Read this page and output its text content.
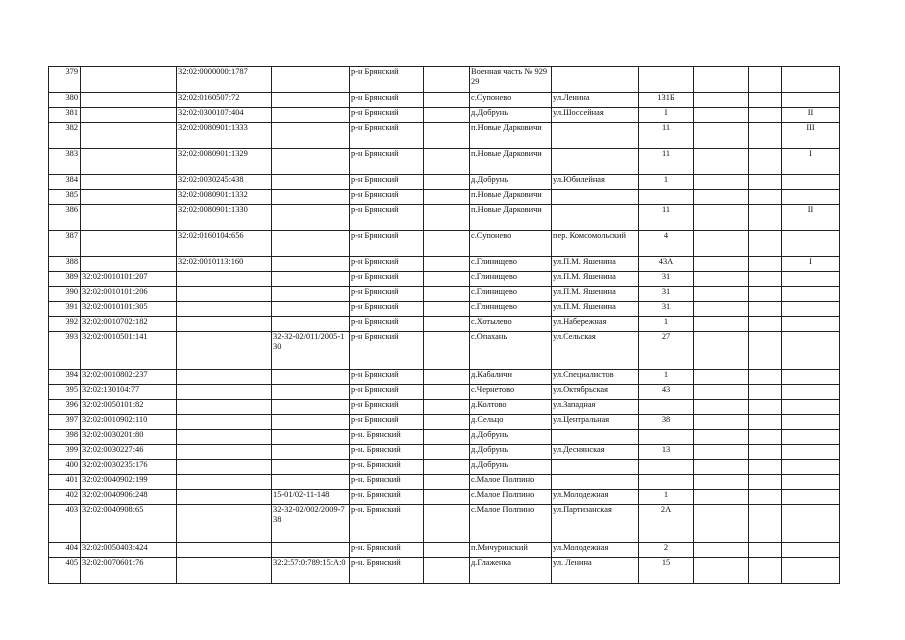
379		32:02:0000000:1787		р-н Брянский		Военная часть № 92929					
380		32:02:0160507:72		р-н Брянский		с.Супонево	ул.Ленина	131Б			
381		32:02:0300107:404		р-н Брянский		д.Добрунь	ул.Шоссейная	I			II
382		32:02:0080901:1333		р-н Брянский		п.Новые Дарковичи		11			III
383		32:02:0080901:1329		р-н Брянский		п.Новые Дарковичи		11			I
384		32:02:0030245:438		р-н Брянский		д.Добрунь	ул.Юбилейная	1			
385		32:02:0080901:1332		р-н Брянский		п.Новые Дарковичи					
386		32:02:0080901:1330		р-н Брянский		п.Новые Дарковичи		11			II
387		32:02:0160104:656		р-н Брянский		с.Супонево	пер. Комсомольский	4			
388		32:02:0010113:160		р-н Брянский		с.Глинищево	ул.П.М. Яшенина	43А			I
389	32:02:0010101:207			р-н Брянский		с.Глинищево	ул.П.М. Яшенина	31			
390	32:02:0010101:206			р-н Брянский		с.Глинищево	ул.П.М. Яшенина	31			
391	32:02:0010101:305			р-н Брянский		с.Глинищево	ул.П.М. Яшенина	31			
392	32:02:0010702:182			р-н Брянский		с.Хотылево	ул.Набережная	1			
393	32:02:0010501:141		32-32-02/011/2005-130	р-н Брянский		с.Опахань	ул.Сельская	27			
394	32:02:0010802:237			р-н Брянский		д.Кабаличи	ул.Специалистов	1			
395	32:02:130104:77			р-н Брянский		с.Чернетово	ул.Октябрьская	43			
396	32:02:0050101:82			р-н Брянский		д.Колтово	ул.Западная				
397	32:02:0010902:110			р-н Брянский		д.Сельцо	ул.Центральная	38			
398	32:02:0030201:80			р-н. Брянский		д.Добрунь					
399	32:02:0030227:46			р-н. Брянский		д.Добрунь	ул.Деснянская	13			
400	32:02:0030235:176			р-н. Брянский		д.Добрунь					
401	32:02:0040902:199			р-н. Брянский		с.Малое Полпино					
402	32:02:0040906:248		15-01/02-11-148	р-н. Брянский		с.Малое Полпино	ул.Молодежная	1			
403	32:02:0040908:65		32-32-02/002/2009-738	р-н. Брянский		с.Малое Полпино	ул.Партизанская	2А			
404	32:02:0050403:424			р-н. Брянский		п.Мичуринский	ул.Молодежная	2			
405	32:02:0070601:76		32:2:57:0:789:15:А:0	р-н. Брянский		д.Глаженка	ул. Ленина	15			
